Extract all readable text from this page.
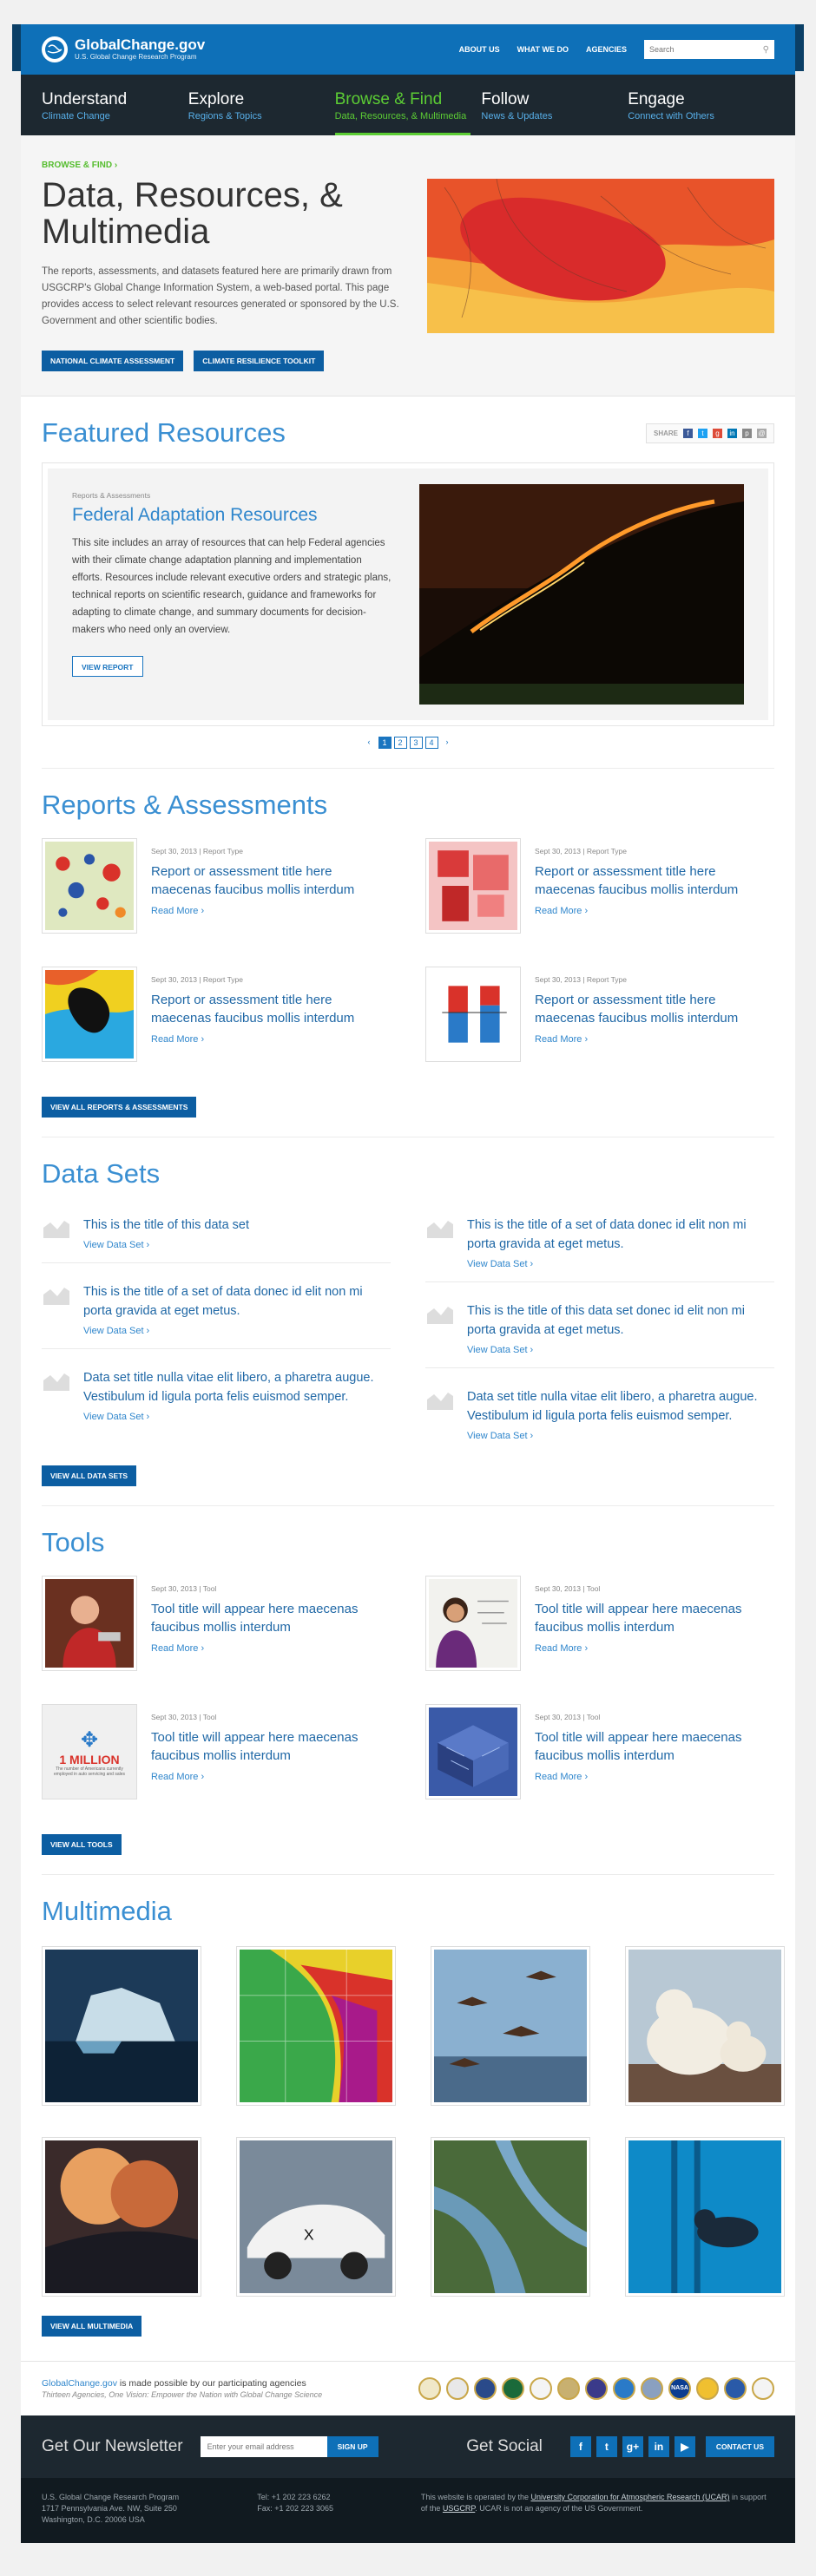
GlobalChange.gov
U.S. Global Change Research Program
ABOUT US WHAT WE DO AGENCIES
Search	⚲
Understand
Climate Change
Explore
Regions & Topics
Browse & Find
Data, Resources, & Multimedia
Follow
News & Updates
Engage
Connect with Others
BROWSE & FIND ›
Data, Resources, & Multimedia

The reports, assessments, and datasets featured here are primarily drawn from USGCRP's Global Change Information System, a web-based portal. This page provides access to select relevant resources generated or sponsored by the U.S. Government and other scientific bodies.

NATIONAL CLIMATE ASSESSMENT	CLIMATE RESILIENCE TOOLKIT
Featured Resources	SHARE	f	t	g	in	p	@
Reports & Assessments
Federal Adaptation Resources
This site includes an array of resources that can help Federal agencies with their climate change adaptation planning and implementation efforts. Resources include relevant executive orders and strategic plans, technical reports on scientific research, guidance and frameworks for adapting to climate change, and summary documents for decision-makers who need only an overview.
VIEW REPORT
‹	1	2	3	4	›
Reports & Assessments
Sept 30, 2013 | Report Type
Report or assessment title here maecenas faucibus mollis interdum
Read More ›
Sept 30, 2013 | Report Type
Report or assessment title here maecenas faucibus mollis interdum
Read More ›
Sept 30, 2013 | Report Type
Report or assessment title here maecenas faucibus mollis interdum
Read More ›
Sept 30, 2013 | Report Type
Report or assessment title here maecenas faucibus mollis interdum
Read More ›
VIEW ALL REPORTS & ASSESSMENTS
Data Sets
This is the title of this data set
View Data Set ›
This is the title of a set of data donec id elit non mi porta gravida at eget metus.
View Data Set ›
Data set title nulla vitae elit libero, a pharetra augue. Vestibulum id ligula porta felis euismod semper.
View Data Set ›
This is the title of a set of data donec id elit non mi porta gravida at eget metus.
View Data Set ›
This is the title of this data set donec id elit non mi porta gravida at eget metus.
View Data Set ›
Data set title nulla vitae elit libero, a pharetra augue. Vestibulum id ligula porta felis euismod semper.
View Data Set ›
VIEW ALL DATA SETS
Tools
Sept 30, 2013 | Tool
Tool title will appear here maecenas faucibus mollis interdum
Read More ›
Sept 30, 2013 | Tool
Tool title will appear here maecenas faucibus mollis interdum
Read More ›
✥
1 MILLION
The number of Americans currently employed in auto servicing and sales
Sept 30, 2013 | Tool
Tool title will appear here maecenas faucibus mollis interdum
Read More ›
Sept 30, 2013 | Tool
Tool title will appear here maecenas faucibus mollis interdum
Read More ›
VIEW ALL TOOLS
Multimedia
X
VIEW ALL MULTIMEDIA
GlobalChange.gov is made possible by our participating agencies
Thirteen Agencies, One Vision: Empower the Nation with Global Change Science
NASA
Get Our Newsletter
Enter your email address	SIGN UP	Get Social	f	t	g+	in	▶	CONTACT US
U.S. Global Change Research Program
1717 Pennsylvania Ave. NW, Suite 250
Washington, D.C. 20006 USA
Tel: +1 202 223 6262
Fax: +1 202 223 3065
This website is operated by the University Corporation for Atmospheric Research (UCAR) in support of the USGCRP. UCAR is not an agency of the US Government.
